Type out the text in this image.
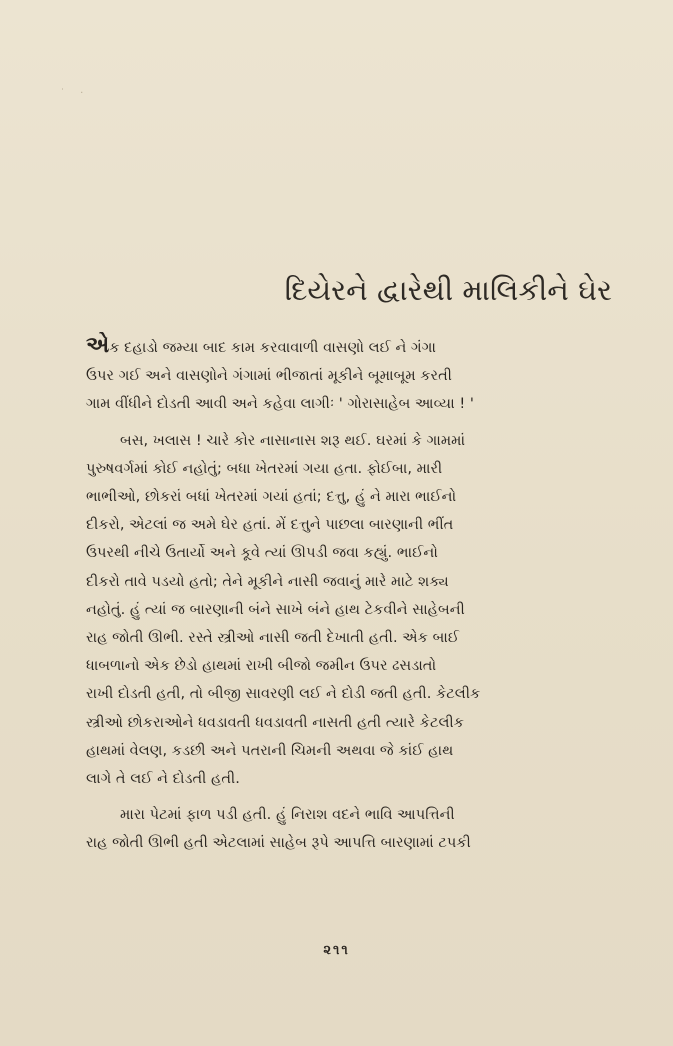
˙ ·
દિયેરને દ્વારેથી માલિકીને ઘેર

એક દહાડો જમ્યા બાદ કામ કરવાવાળી વાસણો લઈ ને ગંગા
ઉપર ગઈ અને વાસણોને ગંગામાં ભીજાતાં મૂકીને બૂમાબૂમ કરતી
ગામ વીંધીને દોડતી આવી અને કહેવા લાગીઃ ' ગોરાસાહેબ આવ્યા ! '

બસ, ખલાસ ! ચારે કોર નાસાનાસ શરૂ થઈ. ઘરમાં કે ગામમાં
પુરુષવર્ગમાં કોઈ નહોતું; બધા ખેતરમાં ગયા હતા. ફોઈબા, મારી
ભાભીઓ, છોકરાં બધાં ખેતરમાં ગયાં હતાં; દત્તુ, હું ને મારા ભાઈનો
દીકરો, એટલાં જ અમે ઘેર હતાં. મેં દત્તુને પાછલા બારણાની ભીંત
ઉપરથી નીચે ઉતાર્યો અને કૂવે ત્યાં ઊપડી જવા કહ્યું. ભાઈનો
દીકરો તાવે પડયો હતો; તેને મૂકીને નાસી જવાનું મારે માટે શક્ય
નહોતું. હું ત્યાં જ બારણાની બંને સાખે બંને હાથ ટેકવીને સાહેબની
રાહ જોતી ઊભી. રસ્તે સ્ત્રીઓ નાસી જતી દેખાતી હતી. એક બાઈ
ધાબળાનો એક છેડો હાથમાં રાખી બીજો જમીન ઉપર ઢસડાતો
રાખી દોડતી હતી, તો બીજી સાવરણી લઈ ને દોડી જતી હતી. કેટલીક
સ્ત્રીઓ છોકરાઓને ધવડાવતી ધવડાવતી નાસતી હતી ત્યારે કેટલીક
હાથમાં વેલણ, કડછી અને પતરાની ચિમની અથવા જે કાંઈ હાથ
લાગે તે લઈ ને દોડતી હતી.

મારા પેટમાં ફાળ પડી હતી. હું નિરાશ વદને ભાવિ આપત્તિની
રાહ જોતી ઊભી હતી એટલામાં સાહેબ રૂપે આપત્તિ બારણામાં ટપકી

૨૧૧
